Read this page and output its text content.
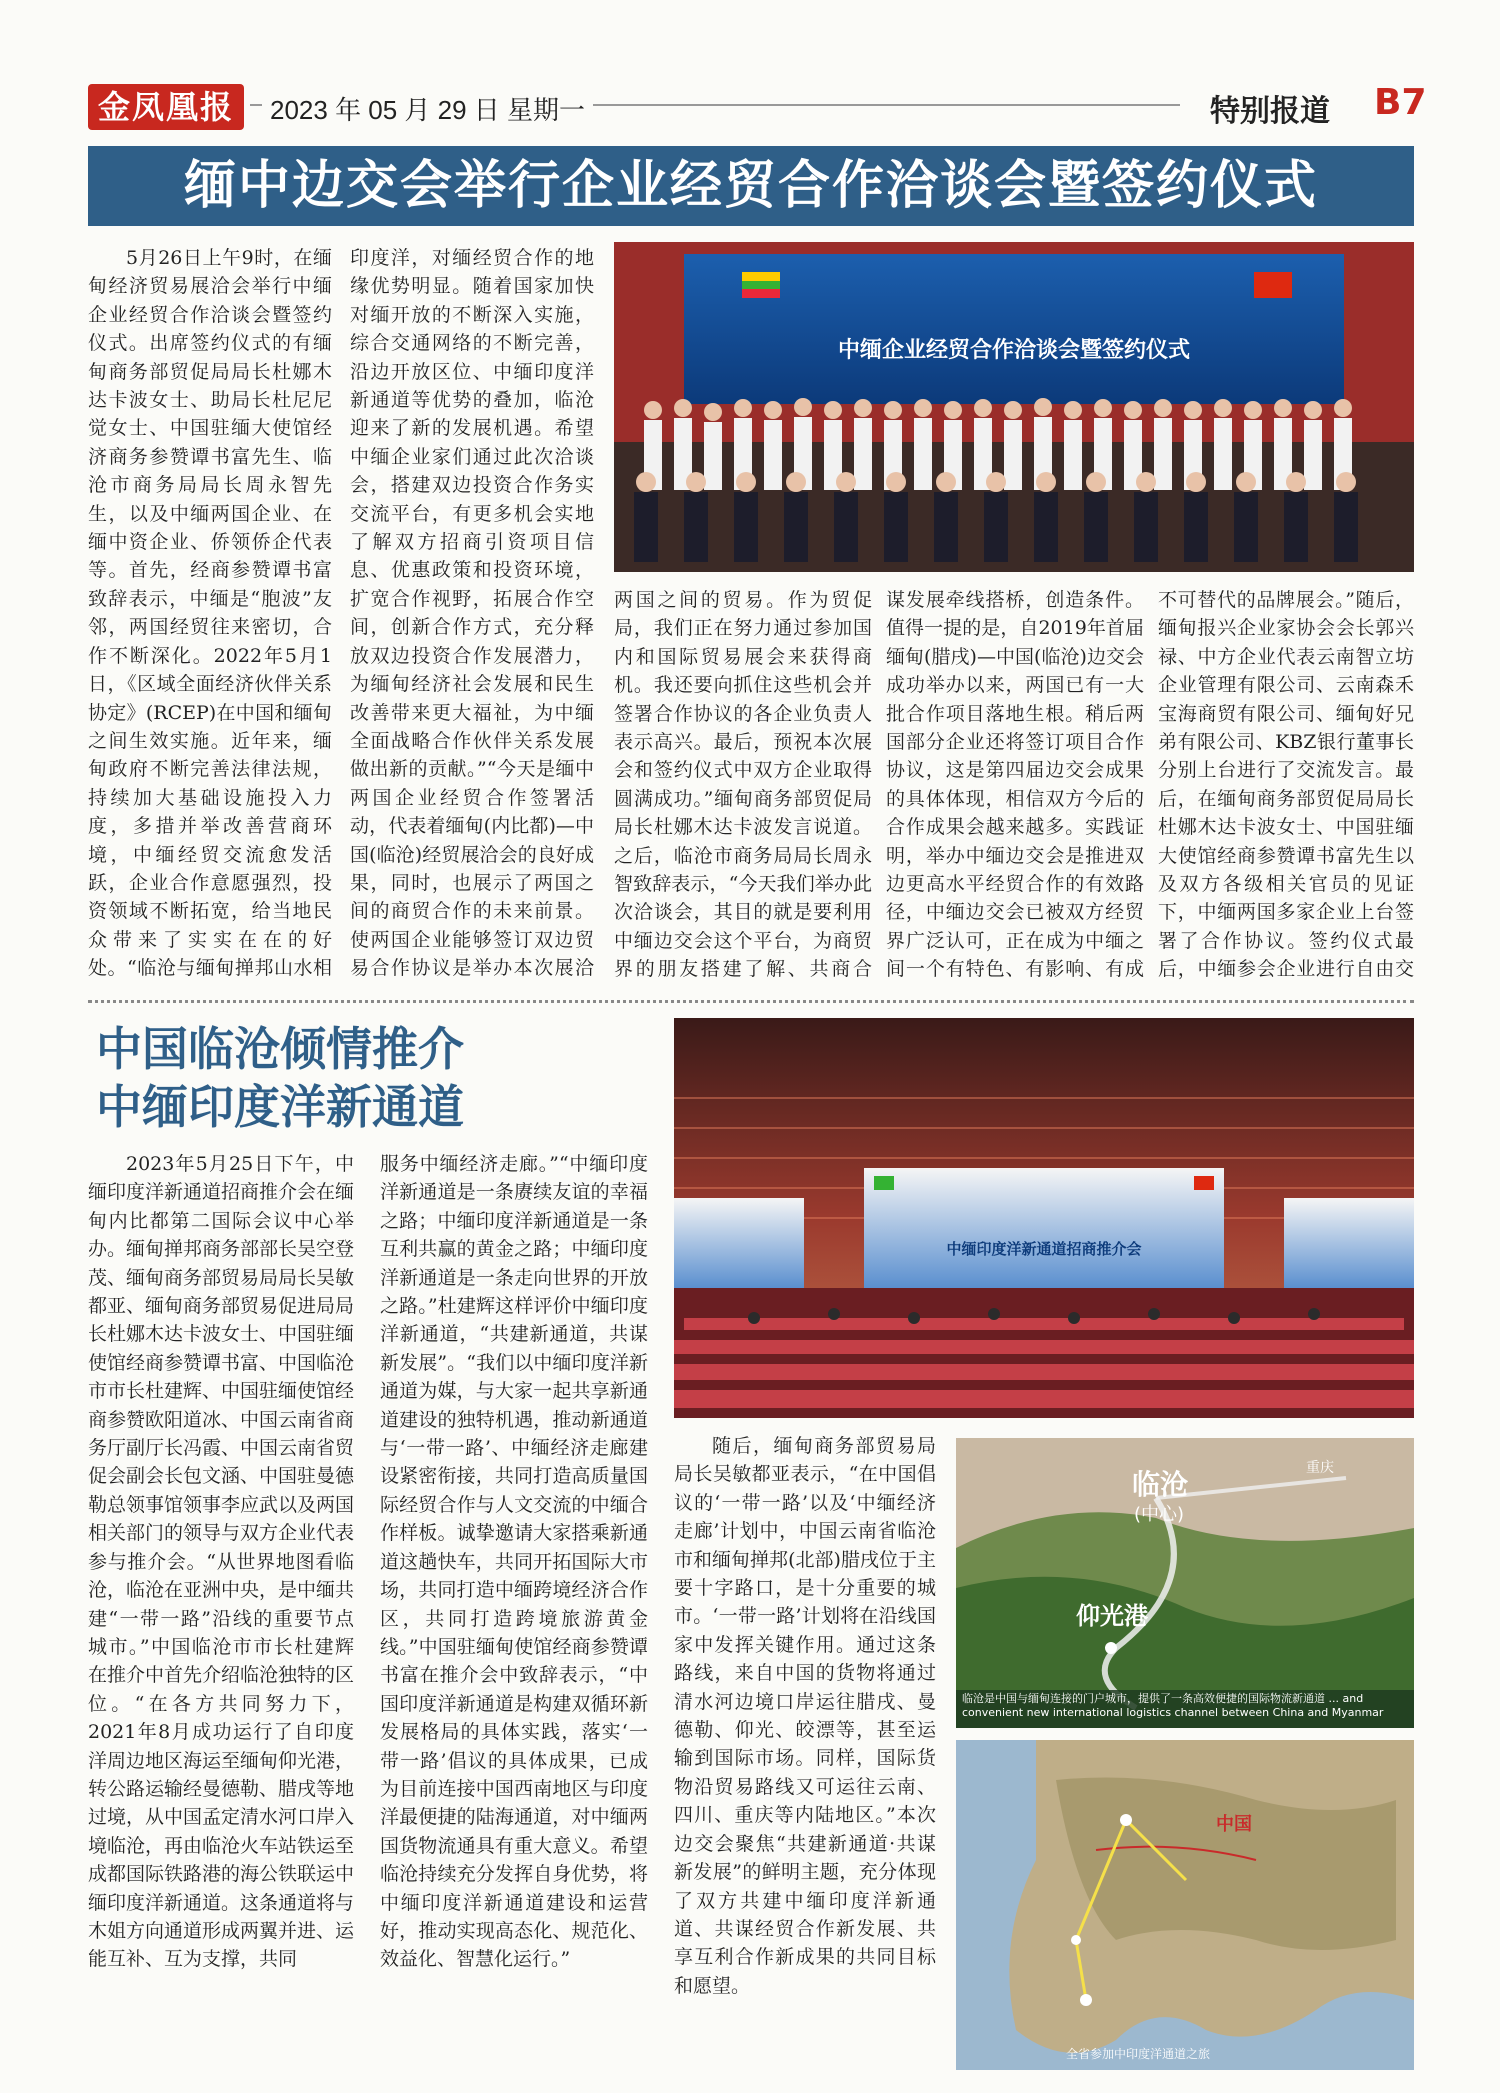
金凤凰报	2023 年 05 月 29 日 星期一	特别报道 B7
缅中边交会举行企业经贸合作洽谈会暨签约仪式

5月26日上午9时，在缅甸经济贸易展洽会举行中缅企业经贸合作洽谈会暨签约仪式。出席签约仪式的有缅甸商务部贸促局局长杜娜木达卡波女士、助局长杜尼尼觉女士、中国驻缅大使馆经济商务参赞谭书富先生、临沧市商务局局长周永智先生，以及中缅两国企业、在缅中资企业、侨领侨企代表等。首先，经商参赞谭书富致辞表示，中缅是“胞波”友邻，两国经贸往来密切，合作不断深化。2022年5月1日，《区域全面经济伙伴关系协定》(RCEP)在中国和缅甸之间生效实施。近年来，缅甸政府不断完善法律法规，持续加大基础设施投入力度，多措并举改善营商环境，中缅经贸交流愈发活跃，企业合作意愿强烈，投资领域不断拓宽，给当地民众带来了实实在在的好处。“临沧与缅甸掸邦山水相

印度洋，对缅经贸合作的地缘优势明显。随着国家加快对缅开放的不断深入实施，综合交通网络的不断完善，沿边开放区位、中缅印度洋新通道等优势的叠加，临沧迎来了新的发展机遇。希望中缅企业家们通过此次洽谈会，搭建双边投资合作务实交流平台，有更多机会实地了解双方招商引资项目信息、优惠政策和投资环境，扩宽合作视野，拓展合作空间，创新合作方式，充分释放双边投资合作发展潜力，为缅甸经济社会发展和民生改善带来更大福祉，为中缅全面战略合作伙伴关系发展做出新的贡献。”“今天是缅中两国企业经贸合作签署活动，代表着缅甸(内比都)—中国(临沧)经贸展洽会的良好成果，同时，也展示了两国之间的商贸合作的未来前景。使两国企业能够签订双边贸易合作协议是举办本次展洽

中缅企业经贸合作洽谈会暨签约仪式

两国之间的贸易。作为贸促局，我们正在努力通过参加国内和国际贸易展会来获得商机。我还要向抓住这些机会并签署合作协议的各企业负责人表示高兴。最后，预祝本次展会和签约仪式中双方企业取得圆满成功。”缅甸商务部贸促局局长杜娜木达卡波发言说道。之后，临沧市商务局局长周永智致辞表示，“今天我们举办此次洽谈会，其目的就是要利用中缅边交会这个平台，为商贸界的朋友搭建了解、共商合

谋发展牵线搭桥，创造条件。值得一提的是，自2019年首届缅甸(腊戌)—中国(临沧)边交会成功举办以来，两国已有一大批合作项目落地生根。稍后两国部分企业还将签订项目合作协议，这是第四届边交会成果的具体体现，相信双方今后的合作成果会越来越多。实践证明，举办中缅边交会是推进双边更高水平经贸合作的有效路径，中缅边交会已被双方经贸界广泛认可，正在成为中缅之间一个有特色、有影响、有成

不可替代的品牌展会。”随后，缅甸报兴企业家协会会长郭兴禄、中方企业代表云南智立坊企业管理有限公司、云南森禾宝海商贸有限公司、缅甸好兄弟有限公司、KBZ银行董事长分别上台进行了交流发言。最后，在缅甸商务部贸促局局长杜娜木达卡波女士、中国驻缅大使馆经商参赞谭书富先生以及双方各级相关官员的见证下，中缅两国多家企业上台签署了合作协议。签约仪式最后，中缅参会企业进行自由交

中国临沧倾情推介
中缅印度洋新通道

2023年5月25日下午，中缅印度洋新通道招商推介会在缅甸内比都第二国际会议中心举办。缅甸掸邦商务部部长吴空登茂、缅甸商务部贸易局局长吴敏都亚、缅甸商务部贸易促进局局长杜娜木达卡波女士、中国驻缅使馆经商参赞谭书富、中国临沧市市长杜建辉、中国驻缅使馆经商参赞欧阳道冰、中国云南省商务厅副厅长冯霞、中国云南省贸促会副会长包文涵、中国驻曼德勒总领事馆领事李应武以及两国相关部门的领导与双方企业代表参与推介会。“从世界地图看临沧，临沧在亚洲中央，是中缅共建“一带一路”沿线的重要节点城市。”中国临沧市市长杜建辉在推介中首先介绍临沧独特的区位。“在各方共同努力下，2021年8月成功运行了自印度洋周边地区海运至缅甸仰光港，转公路运输经曼德勒、腊戌等地过境，从中国孟定清水河口岸入境临沧，再由临沧火车站铁运至成都国际铁路港的海公铁联运中缅印度洋新通道。这条通道将与木姐方向通道形成两翼并进、运能互补、互为支撑，共同

服务中缅经济走廊。”“中缅印度洋新通道是一条赓续友谊的幸福之路；中缅印度洋新通道是一条互利共赢的黄金之路；中缅印度洋新通道是一条走向世界的开放之路。”杜建辉这样评价中缅印度洋新通道，“共建新通道，共谋新发展”。“我们以中缅印度洋新通道为媒，与大家一起共享新通道建设的独特机遇，推动新通道与‘一带一路’、中缅经济走廊建设紧密衔接，共同打造高质量国际经贸合作与人文交流的中缅合作样板。诚挚邀请大家搭乘新通道这趟快车，共同开拓国际大市场，共同打造中缅跨境经济合作区，共同打造跨境旅游黄金线。”中国驻缅甸使馆经商参赞谭书富在推介会中致辞表示，“中国印度洋新通道是构建双循环新发展格局的具体实践，落实‘一带一路’倡议的具体成果，已成为目前连接中国西南地区与印度洋最便捷的陆海通道，对中缅两国货物流通具有重大意义。希望临沧持续充分发挥自身优势，将中缅印度洋新通道建设和运营好，推动实现高态化、规范化、效益化、智慧化运行。”

中缅印度洋新通道招商推介会

随后，缅甸商务部贸易局局长吴敏都亚表示，“在中国倡议的‘一带一路’以及‘中缅经济走廊’计划中，中国云南省临沧市和缅甸掸邦(北部)腊戌位于主要十字路口，是十分重要的城市。‘一带一路’计划将在沿线国家中发挥关键作用。通过这条路线，来自中国的货物将通过清水河边境口岸运往腊戌、曼德勒、仰光、皎漂等，甚至运输到国际市场。同样，国际货物沿贸易路线又可运往云南、四川、重庆等内陆地区。”本次边交会聚焦“共建新通道·共谋新发展”的鲜明主题，充分体现了双方共建中缅印度洋新通道、共谋经贸合作新发展、共享互利合作新成果的共同目标和愿望。

临沧
(中心)
重庆
仰光港
临沧是中国与缅甸连接的门户城市，提供了一条高效便捷的国际物流新通道 ... and convenient new international logistics channel between China and Myanmar
中国
全省参加中印度洋通道之旅
